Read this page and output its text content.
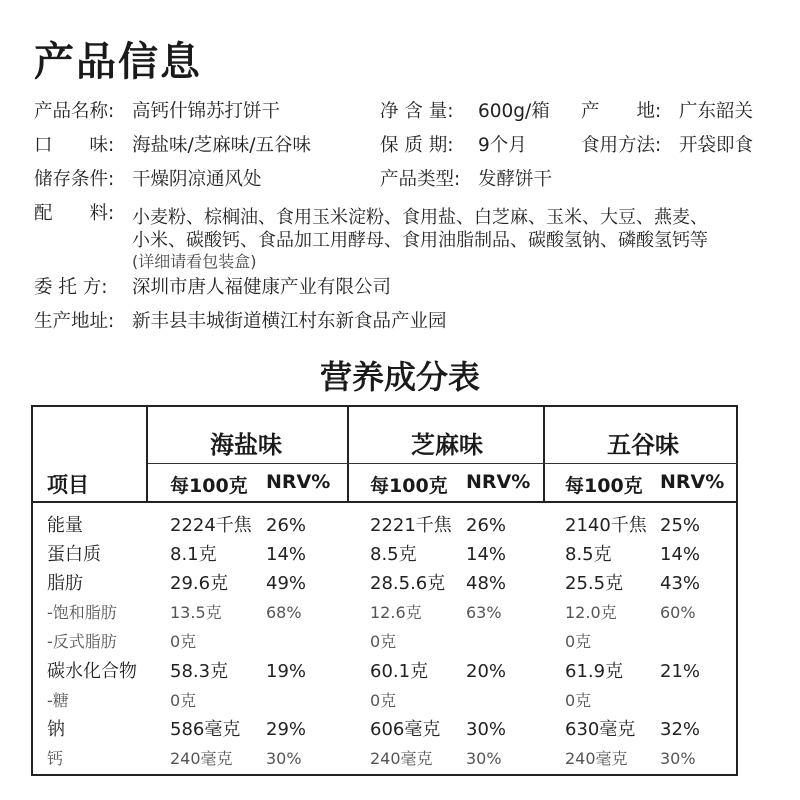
产品信息
产品名称: 高钙什锦苏打饼干	净 含 量: 600g/箱 产　　地: 广东韶关
口　　味: 海盐味/芝麻味/五谷味	保 质 期: 9个月	食用方法: 开袋即食
储存条件: 干燥阴凉通风处	产品类型: 发酵饼干
配　　料: 小麦粉、棕榈油、食用玉米淀粉、食用盐、白芝麻、玉米、大豆、燕麦、
小米、碳酸钙、食品加工用酵母、食用油脂制品、碳酸氢钠、磷酸氢钙等
(详细请看包装盒)
委 托 方: 深圳市唐人福健康产业有限公司
生产地址: 新丰县丰城街道横江村东新食品产业园
营养成分表
海盐味	芝麻味	五谷味
项目	每100克 NRV% 每100克 NRV% 每100克 NRV%
能量	2224千焦 26%	2221千焦 26%	2140千焦 25%
蛋白质	8.1克	14%	8.5克	14%	8.5克	14%
脂肪	29.6克 49%	28.5.6克 48%	25.5克 43%
-饱和脂肪	13.5克	68%	12.6克	63%	12.0克	60%
-反式脂肪	0克	0克	0克
碳水化合物 58.3克 19%	60.1克 20%	61.9克 21%
-糖	0克	0克	0克
钠	586毫克 29%	606毫克 30%	630毫克 32%
钙	240毫克 30%	240毫克 30%	240毫克 30%
